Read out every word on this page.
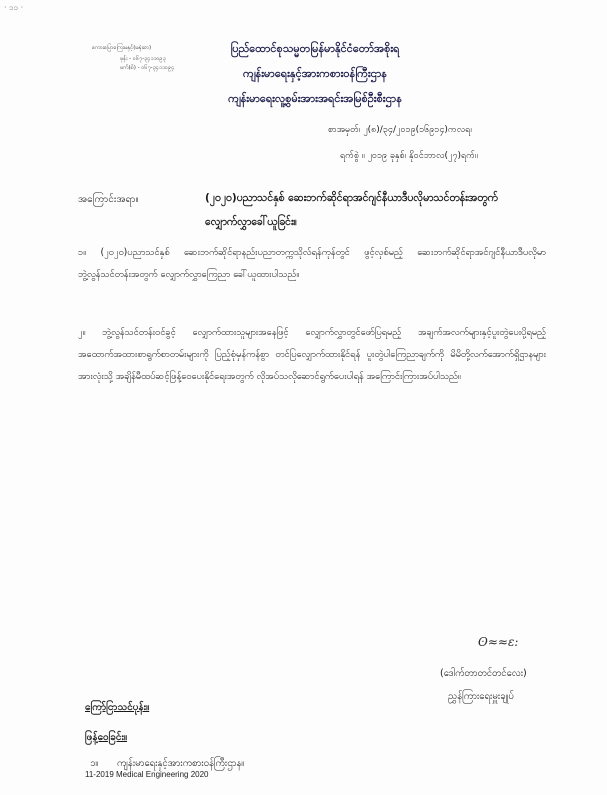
· ၁၁ ·
ကေားပြောကြေးမနှင့်(မနှံဆာ)
ဖုန်း - ၀၆၇-၃၄၁၁၀၉၃
ဖက်(စ်) - ၀၆၇-၃၄၁၁၀၉၄
ပြည်ထောင်စုသမ္မတမြန်မာနိုင်ငံတော်အစိုးရ
ကျန်းမာရေးနှင့်အားကစားဝန်ကြီးဌာန
ကျန်းမာရေးလူ့စွမ်းအားအရင်းအမြစ်ဦးစီးဌာန
စာအမှတ်၊ ၂(၈)/၃၄/၂၀၁၉(၁၆၉၁၄)ကလရ၊
ရက်စွဲ ။ ၂၀၁၉ ခုနှစ်၊ နိုဝင်ဘာလ(၂၇)ရက်။
အကြောင်းအရာ။	(၂၀၂၀)ပညာသင်နှစ် ဆေးဘက်ဆိုင်ရာအင်ဂျင်နီယာဒီပလိုမာသင်တန်းအတွက်
လျှောက်လွှာခေါ်ယူခြင်း။
၁။ (၂၀၂၀)ပညာသင်နှစ် ဆေးဘက်ဆိုင်ရာနည်းပညာတက္ကသိုလ်ရန်ကုန်တွင် ဖွင့်လှစ်မည့် ဆေးဘက်ဆိုင်ရာအင်ဂျင်နီယာဒီပလိုမာ ဘွဲ့လွန်သင်တန်းအတွက် လျှောက်လွှာကြေညာ ခေါ်ယူထားပါသည်။
၂။ ဘွဲ့လွန်သင်တန်းဝင်ခွင့် လျှောက်ထားသူများအနေဖြင့် လျှောက်လွှာတွင်ဖော်ပြရမည့် အချက်အလက်များနှင့်ပူးတွဲပေးပို့ရမည့် အထောက်အထားစာရွက်စာတမ်းများကို ပြည့်စုံမှန်ကန်စွာ တင်ပြလျှောက်ထားနိုင်ရန် ပူးတွဲပါကြေညာချက်ကို မိမိတို့လက်အောက်ရှိဌာနများ အားလုံးသို့ အချိန်မီထပ်ဆင့်ဖြန့်ဝေပေးနိုင်ရေးအတွက် လိုအပ်သလိုဆောင်ရွက်ပေးပါရန် အကြောင်းကြားအပ်ပါသည်။
ʘ≈≈ε:
(ဒေါက်တာတင်တင်လေး)
ညွှန်ကြားရေးမှူးချုပ်
ကြော်ငြာသင်ပုန်း။
ဖြန့်ဝေခြင်း။
၁။ ကျန်းမာရေးနှင့်အားကစားဝန်ကြီးဌာန။
11-2019 Medical Engineering 2020
